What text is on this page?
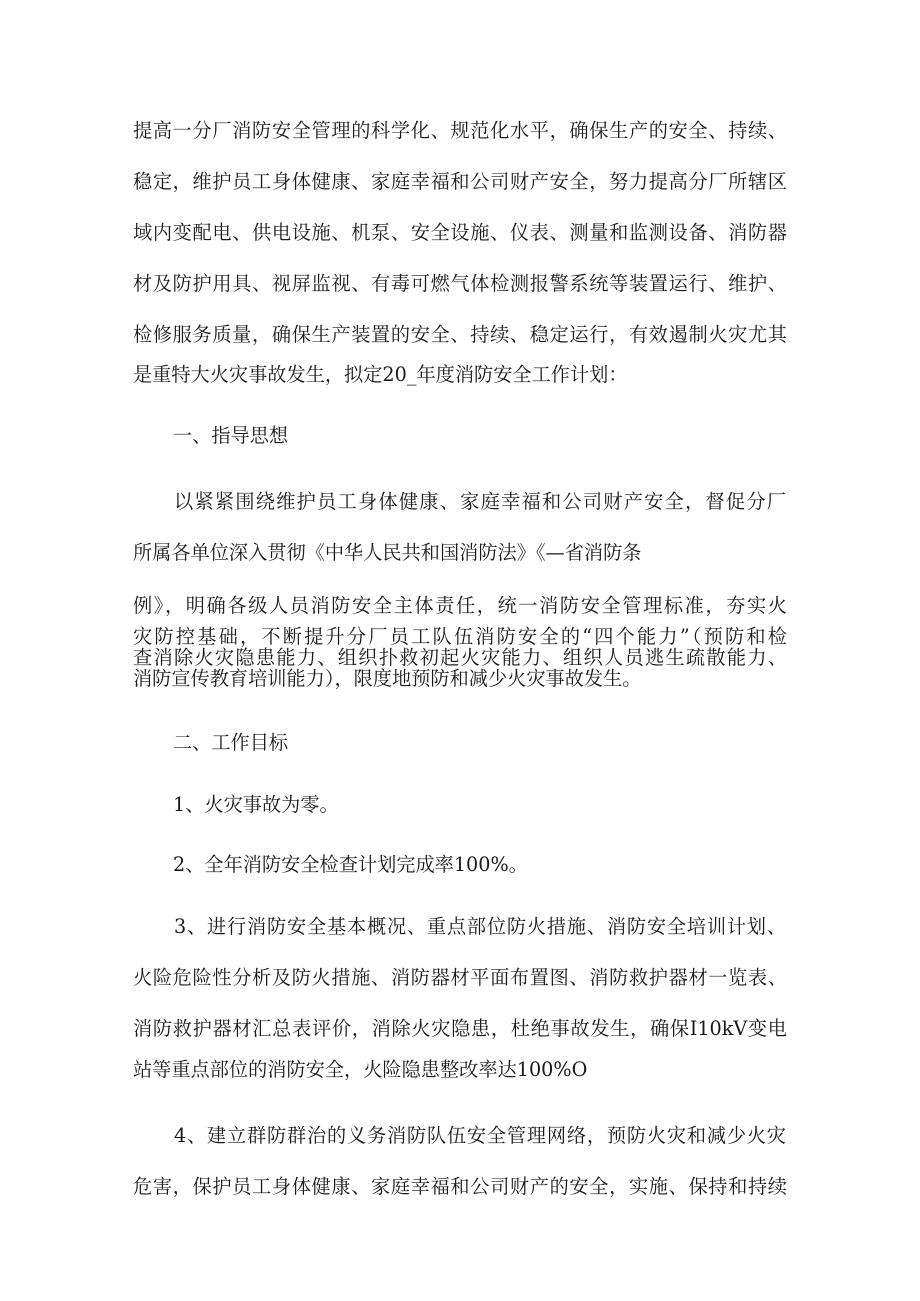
提高一分厂消防安全管理的科学化、规范化水平，确保生产的安全、持续、
稳定，维护员工身体健康、家庭幸福和公司财产安全，努力提高分厂所辖区
域内变配电、供电设施、机泵、安全设施、仪表、测量和监测设备、消防器
材及防护用具、视屏监视、有毒可燃气体检测报警系统等装置运行、维护、
检修服务质量，确保生产装置的安全、持续、稳定运行，有效遏制火灾尤其
是重特大火灾事故发生，拟定20_年度消防安全工作计划：
一、指导思想
以紧紧围绕维护员工身体健康、家庭幸福和公司财产安全，督促分厂
所属各单位深入贯彻《中华人民共和国消防法》《—省消防条
例》，明确各级人员消防安全主体责任，统一消防安全管理标准，夯实火
灾防控基础，不断提升分厂员工队伍消防安全的“四个能力”（预防和检
查消除火灾隐患能力、组织扑救初起火灾能力、组织人员逃生疏散能力、
消防宣传教育培训能力），限度地预防和减少火灾事故发生。
二、工作目标
1、火灾事故为零。
2、全年消防安全检查计划完成率100%。
3、进行消防安全基本概况、重点部位防火措施、消防安全培训计划、
火险危险性分析及防火措施、消防器材平面布置图、消防救护器材一览表、
消防救护器材汇总表评价，消除火灾隐患，杜绝事故发生，确保I10kV变电
站等重点部位的消防安全，火险隐患整改率达100%O
4、建立群防群治的义务消防队伍安全管理网络，预防火灾和减少火灾
危害，保护员工身体健康、家庭幸福和公司财产的安全，实施、保持和持续
